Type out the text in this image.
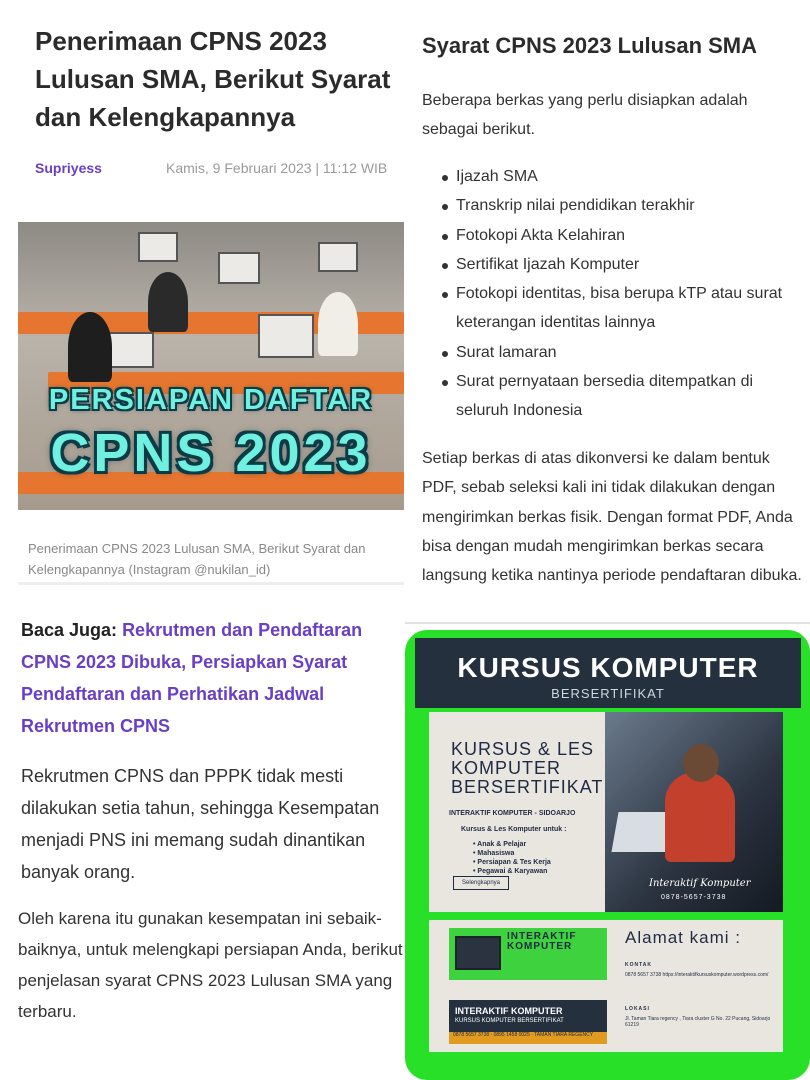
Penerimaan CPNS 2023 Lulusan SMA, Berikut Syarat dan Kelengkapannya
Supriyess	Kamis, 9 Februari 2023 | 11:12 WIB
PERSIAPAN DAFTAR
CPNS 2023
Penerimaan CPNS 2023 Lulusan SMA, Berikut Syarat dan Kelengkapannya (Instagram @nukilan_id)
Baca Juga: Rekrutmen dan Pendaftaran CPNS 2023 Dibuka, Persiapkan Syarat Pendaftaran dan Perhatikan Jadwal Rekrutmen CPNS
Rekrutmen CPNS dan PPPK tidak mesti dilakukan setia tahun, sehingga Kesempatan menjadi PNS ini memang sudah dinantikan banyak orang.
Oleh karena itu gunakan kesempatan ini sebaik-baiknya, untuk melengkapi persiapan Anda, berikut penjelasan syarat CPNS 2023 Lulusan SMA yang terbaru.
Syarat CPNS 2023 Lulusan SMA
Beberapa berkas yang perlu disiapkan adalah sebagai berikut.
Ijazah SMA
Transkrip nilai pendidikan terakhir
Fotokopi Akta Kelahiran
Sertifikat Ijazah Komputer
Fotokopi identitas, bisa berupa kTP atau surat keterangan identitas lainnya
Surat lamaran
Surat pernyataan bersedia ditempatkan di seluruh Indonesia
Setiap berkas di atas dikonversi ke dalam bentuk PDF, sebab seleksi kali ini tidak dilakukan dengan mengirimkan berkas fisik. Dengan format PDF, Anda bisa dengan mudah mengirimkan berkas secara langsung ketika nantinya periode pendaftaran dibuka.
KURSUS KOMPUTER
BERSERTIFIKAT
KURSUS & LES KOMPUTER BERSERTIFIKAT
INTERAKTIF KOMPUTER - SIDOARJO
Kursus & Les Komputer untuk :
• Anak & Pelajar
• Mahasiswa
• Persiapan & Tes Kerja
• Pegawai & Karyawan
Selengkapnya	Interaktif Komputer
0878-5657-3738
INTERAKTIF KOMPUTER
INTERAKTIF KOMPUTER
KURSUS KOMPUTER BERSERTIFIKAT
0878 5657 3738 · 0895 1458 0025 · TAMAN TIARA REGENCY
Alamat kami :
KONTAK
0878 5657 3738 https://interaktifkursuskomputer.wordpress.com/
LOKASI
Jl. Taman Tiara regency , Tiara cluster G No. 22 Pucang, Sidoarjo 61219
